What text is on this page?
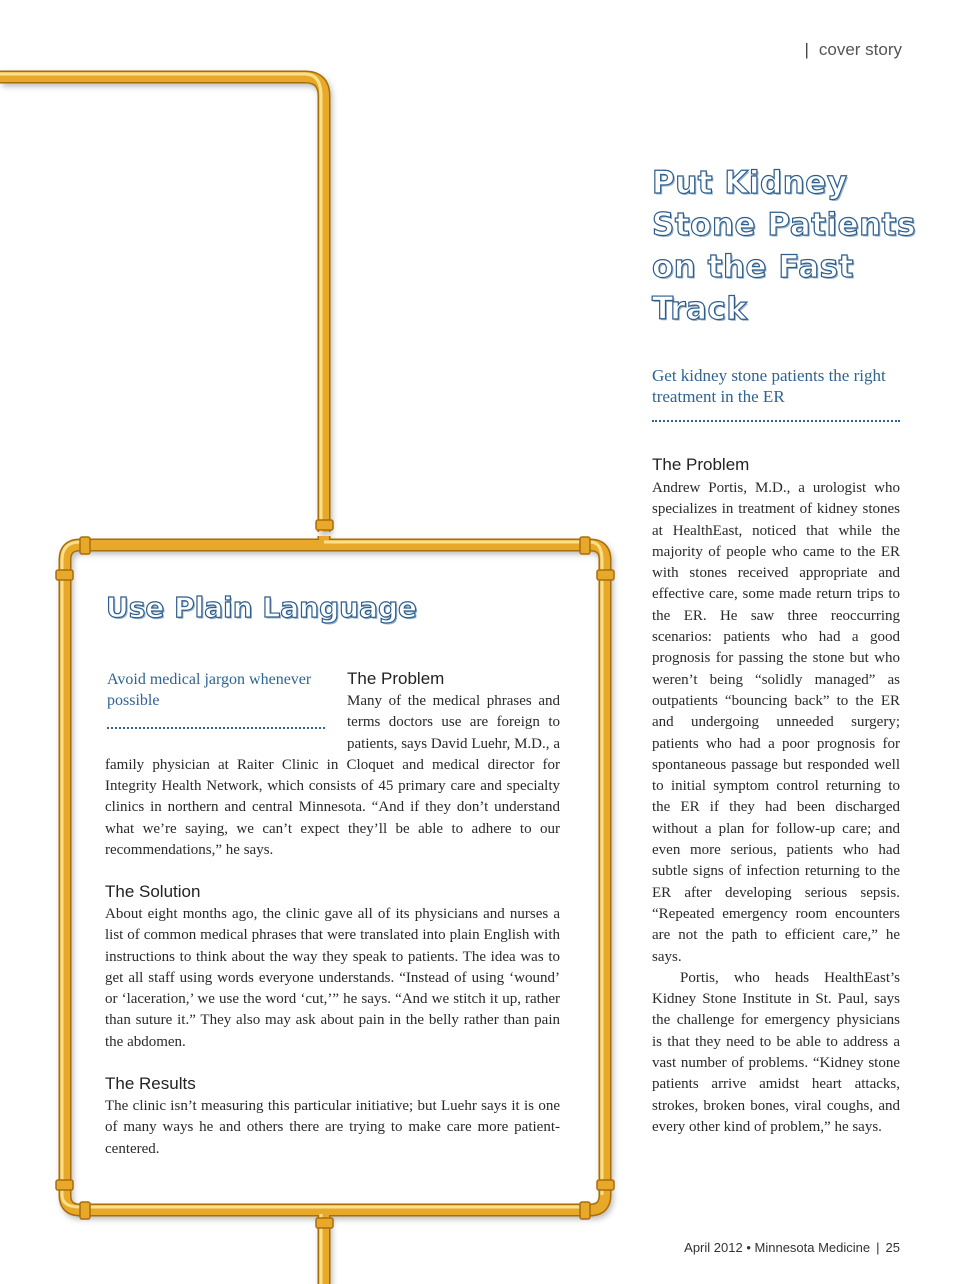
| cover story
Put Kidney
Stone Patients
on the Fast
Track
Get kidney stone patients the right treatment in the ER
The Problem

Andrew Portis, M.D., a urologist who specializes in treatment of kidney stones at HealthEast, noticed that while the majority of people who came to the ER with stones received appropriate and effective care, some made return trips to the ER. He saw three reoccurring scenarios: patients who had a good prognosis for passing the stone but who weren’t being “solidly managed” as outpatients “bouncing back” to the ER and undergoing unneeded surgery; patients who had a poor prognosis for spontaneous passage but responded well to initial symptom control returning to the ER if they had been discharged without a plan for follow-up care; and even more serious, patients who had subtle signs of infection returning to the ER after developing serious sepsis. “Repeated emergency room encounters are not the path to efficient care,” he says.

Portis, who heads HealthEast’s Kidney Stone Institute in St. Paul, says the challenge for emergency physicians is that they need to be able to address a vast number of problems. “Kidney stone patients arrive amidst heart attacks, strokes, broken bones, viral coughs, and every other kind of problem,” he says.

Use Plain Language
Avoid medical jargon whenever possible
The Problem

Many of the medical phrases and terms doctors use are foreign to patients, says David Luehr, M.D., a family physician at Raiter Clinic in Cloquet and medical director for Integrity Health Network, which consists of 45 primary care and specialty clinics in northern and central Minnesota. “And if they don’t understand what we’re saying, we can’t expect they’ll be able to adhere to our recommendations,” he says.

The Solution

About eight months ago, the clinic gave all of its physicians and nurses a list of common medical phrases that were translated into plain English with instructions to think about the way they speak to patients. The idea was to get all staff using words everyone understands. “Instead of using ‘wound’ or ‘laceration,’ we use the word ‘cut,’” he says. “And we stitch it up, rather than suture it.” They also may ask about pain in the belly rather than pain the abdomen.

The Results

The clinic isn’t measuring this particular initiative; but Luehr says it is one of many ways he and others there are trying to make care more patient-centered.

April 2012 • Minnesota Medicine | 25
